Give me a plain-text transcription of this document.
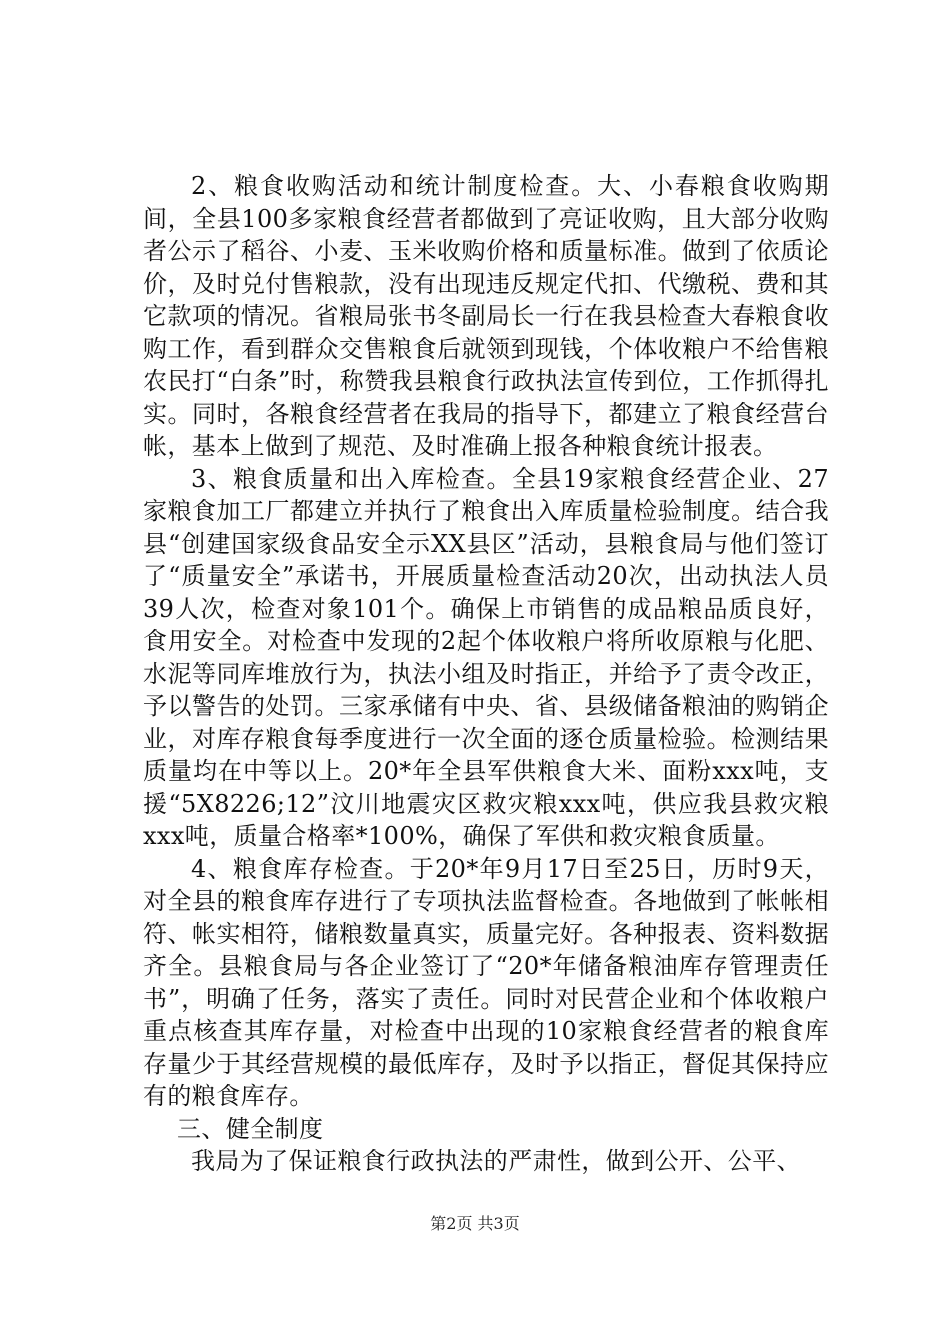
2、粮食收购活动和统计制度检查。大、小春粮食收购期间，全县100多家粮食经营者都做到了亮证收购，且大部分收购者公示了稻谷、小麦、玉米收购价格和质量标准。做到了依质论价，及时兑付售粮款，没有出现违反规定代扣、代缴税、费和其它款项的情况。省粮局张书冬副局长一行在我县检查大春粮食收购工作，看到群众交售粮食后就领到现钱，个体收粮户不给售粮农民打“白条”时，称赞我县粮食行政执法宣传到位，工作抓得扎实。同时，各粮食经营者在我局的指导下，都建立了粮食经营台帐，基本上做到了规范、及时准确上报各种粮食统计报表。

3、粮食质量和出入库检查。全县19家粮食经营企业、27家粮食加工厂都建立并执行了粮食出入库质量检验制度。结合我县“创建国家级食品安全示XX县区”活动，县粮食局与他们签订了“质量安全”承诺书，开展质量检查活动20次，出动执法人员39人次，检查对象101个。确保上市销售的成品粮品质良好，食用安全。对检查中发现的2起个体收粮户将所收原粮与化肥、水泥等同库堆放行为，执法小组及时指正，并给予了责令改正，予以警告的处罚。三家承储有中央、省、县级储备粮油的购销企业，对库存粮食每季度进行一次全面的逐仓质量检验。检测结果质量均在中等以上。20*年全县军供粮食大米、面粉xxx吨，支援“5X8226;12”汶川地震灾区救灾粮xxx吨，供应我县救灾粮xxx吨，质量合格率*100%，确保了军供和救灾粮食质量。

4、粮食库存检查。于20*年9月17日至25日，历时9天，对全县的粮食库存进行了专项执法监督检查。各地做到了帐帐相符、帐实相符，储粮数量真实，质量完好。各种报表、资料数据齐全。县粮食局与各企业签订了“20*年储备粮油库存管理责任书”，明确了任务，落实了责任。同时对民营企业和个体收粮户重点核查其库存量，对检查中出现的10家粮食经营者的粮食库存量少于其经营规模的最低库存，及时予以指正，督促其保持应有的粮食库存。

三、健全制度

我局为了保证粮食行政执法的严肃性，做到公开、公平、

第2页 共3页
